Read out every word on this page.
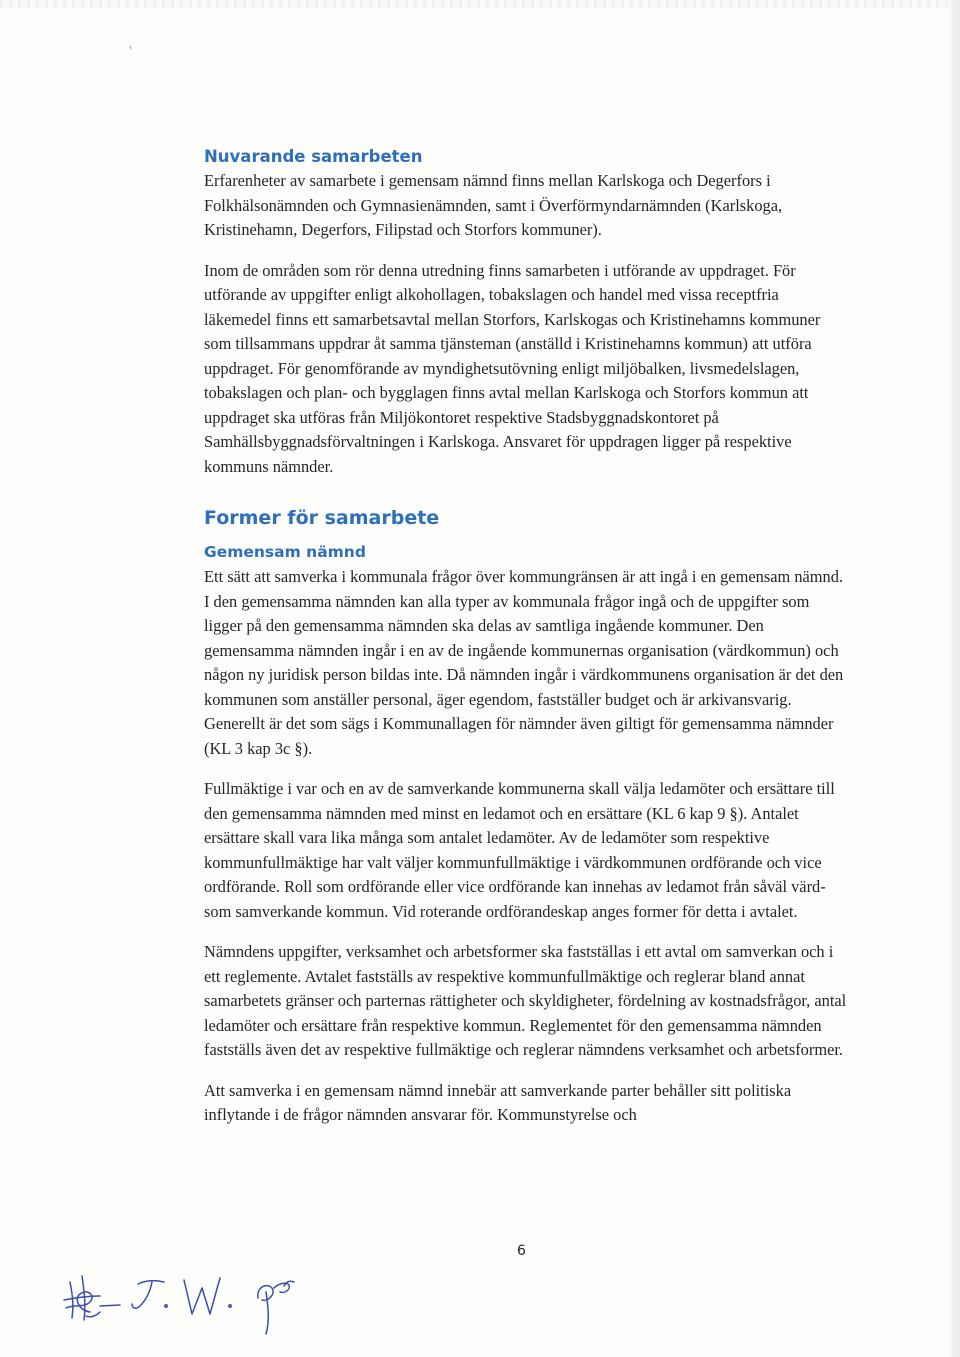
Nuvarande samarbeten

Erfarenheter av samarbete i gemensam nämnd finns mellan Karlskoga och Degerfors i Folkhälsonämnden och Gymnasienämnden, samt i Överförmyndarnämnden (Karlskoga, Kristinehamn, Degerfors, Filipstad och Storfors kommuner).

Inom de områden som rör denna utredning finns samarbeten i utförande av uppdraget. För utförande av uppgifter enligt alkohollagen, tobakslagen och handel med vissa receptfria läkemedel finns ett samarbetsavtal mellan Storfors, Karlskogas och Kristinehamns kommuner som tillsammans uppdrar åt samma tjänsteman (anställd i Kristinehamns kommun) att utföra uppdraget. För genomförande av myndighetsutövning enligt miljöbalken, livsmedelslagen, tobakslagen och plan- och bygglagen finns avtal mellan Karlskoga och Storfors kommun att uppdraget ska utföras från Miljökontoret respektive Stadsbyggnadskontoret på Samhällsbyggnadsförvaltningen i Karlskoga. Ansvaret för uppdragen ligger på respektive kommuns nämnder.

Former för samarbete
Gemensam nämnd

Ett sätt att samverka i kommunala frågor över kommungränsen är att ingå i en gemensam nämnd. I den gemensamma nämnden kan alla typer av kommunala frågor ingå och de uppgifter som ligger på den gemensamma nämnden ska delas av samtliga ingående kommuner. Den gemensamma nämnden ingår i en av de ingående kommunernas organisation (värdkommun) och någon ny juridisk person bildas inte. Då nämnden ingår i värdkommunens organisation är det den kommunen som anställer personal, äger egendom, fastställer budget och är arkivansvarig. Generellt är det som sägs i Kommunallagen för nämnder även giltigt för gemensamma nämnder (KL 3 kap 3c §).

Fullmäktige i var och en av de samverkande kommunerna skall välja ledamöter och ersättare till den gemensamma nämnden med minst en ledamot och en ersättare (KL 6 kap 9 §). Antalet ersättare skall vara lika många som antalet ledamöter. Av de ledamöter som respektive kommunfullmäktige har valt väljer kommunfullmäktige i värdkommunen ordförande och vice ordförande. Roll som ordförande eller vice ordförande kan innehas av ledamot från såväl värd- som samverkande kommun. Vid roterande ordförandeskap anges former för detta i avtalet.

Nämndens uppgifter, verksamhet och arbetsformer ska fastställas i ett avtal om samverkan och i ett reglemente. Avtalet fastställs av respektive kommunfullmäktige och reglerar bland annat samarbetets gränser och parternas rättigheter och skyldigheter, fördelning av kostnadsfrågor, antal ledamöter och ersättare från respektive kommun. Reglementet för den gemensamma nämnden fastställs även det av respektive fullmäktige och reglerar nämndens verksamhet och arbetsformer.

Att samverka i en gemensam nämnd innebär att samverkande parter behåller sitt politiska inflytande i de frågor nämnden ansvarar för. Kommunstyrelse och

6
